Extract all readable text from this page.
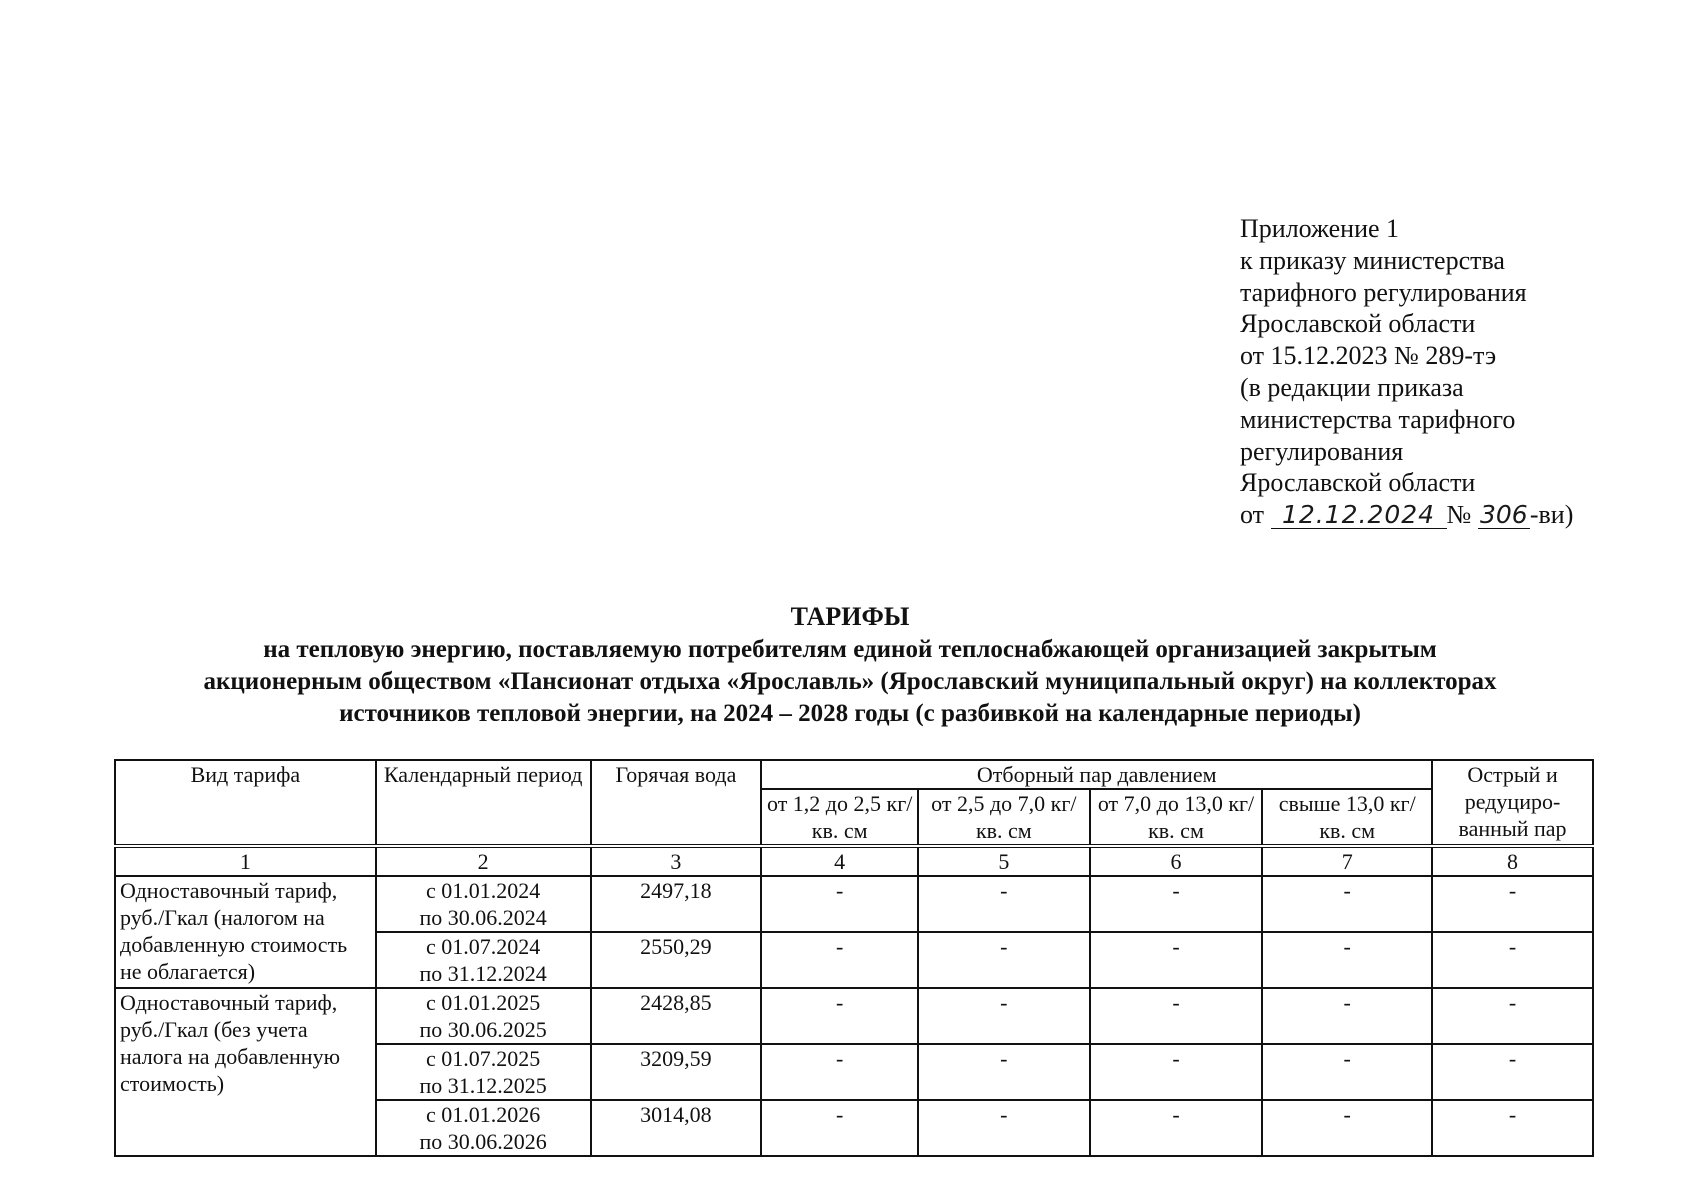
Приложение 1
к приказу министерства
тарифного регулирования
Ярославской области
от 15.12.2023 № 289-тэ
(в редакции приказа
министерства тарифного
регулирования
Ярославской области
от 12.12.2024 № 306-ви)
ТАРИФЫ
на тепловую энергию, поставляемую потребителям единой теплоснабжающей организацией закрытым
акционерным обществом «Пансионат отдыха «Ярославль» (Ярославский муниципальный округ) на коллекторах
источников тепловой энергии, на 2024 – 2028 годы (с разбивкой на календарные периоды)
Вид тарифа	Календарный период	Горячая вода	Отборный пар давлением				Острый и редуциро-ванный пар
			от 1,2 до 2,5 кг/ кв. см	от 2,5 до 7,0 кг/ кв. см	от 7,0 до 13,0 кг/ кв. см	свыше 13,0 кг/ кв. см	
1	2	3	4	5	6	7	8
Одноставочный тариф, руб./Гкал (налогом на добавленную стоимость не облагается)	с 01.01.2024
по 30.06.2024	2497,18	-	-	-	-	-

	с 01.07.2024
по 31.12.2024	2550,29	-	-	-	-	-
Одноставочный тариф, руб./Гкал (без учета налога на добавленную стоимость)	с 01.01.2025
по 30.06.2025	2428,85	-	-	-	-	-

	с 01.07.2025
по 31.12.2025	3209,59	-	-	-	-	-

	с 01.01.2026
по 30.06.2026	3014,08	-	-	-	-	-
